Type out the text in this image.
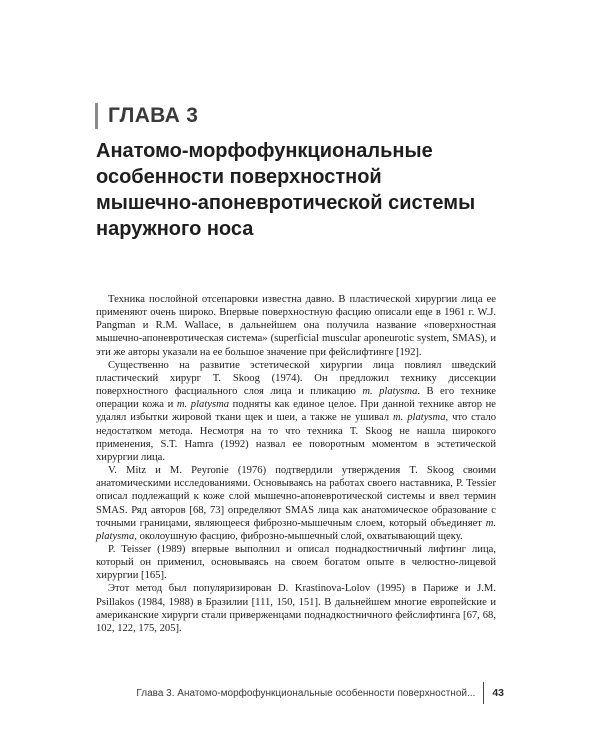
ГЛАВА 3
Анатомо-морфофункциональные
особенности поверхностной
мышечно-апоневротической системы
наружного носа

Техника послойной отсепаровки известна давно. В пластической хирургии лица ее применяют очень широко. Впервые поверхностную фасцию описали еще в 1961 г. W.J. Pangman и R.M. Wallace, в дальнейшем она получила название «поверхностная мышечно-апоневротическая система» (superficial muscular aponeurotic system, SMAS), и эти же авторы указали на ее большое значение при фейслифтинге [192].

Существенно на развитие эстетической хирургии лица повлиял шведский пластический хирург T. Skoog (1974). Он предложил технику диссекции поверхностного фасциального слоя лица и пликацию m. platysma. В его технике операции кожа и m. platysma подняты как единое целое. При данной технике автор не удалял избытки жировой ткани щек и шеи, а также не ушивал m. platysma, что стало недостатком метода. Несмотря на то что техника T. Skoog не нашла широкого применения, S.T. Hamra (1992) назвал ее поворотным моментом в эстетической хирургии лица.

V. Mitz и M. Peyronie (1976) подтвердили утверждения T. Skoog своими анатомическими исследованиями. Основываясь на работах своего наставника, P. Tessier описал подлежащий к коже слой мышечно-апоневротической системы и ввел термин SMAS. Ряд авторов [68, 73] определяют SMAS лица как анатомическое образование с точными границами, являющееся фиброзно-мышечным слоем, который объединяет m. platysma, околоушную фасцию, фиброзно-мышечный слой, охватывающий щеку.

P. Teisser (1989) впервые выполнил и описал поднадкостничный лифтинг лица, который он применил, основываясь на своем богатом опыте в челюстно-лицевой хирургии [165].

Этот метод был популяризирован D. Krastinova-Lolov (1995) в Париже и J.M. Psillakos (1984, 1988) в Бразилии [111, 150, 151]. В дальнейшем многие европейские и американские хирурги стали приверженцами поднадкостничного фейслифтинга [67, 68, 102, 122, 175, 205].

Глава 3. Анатомо-морфофункциональные особенности поверхностной... 43
